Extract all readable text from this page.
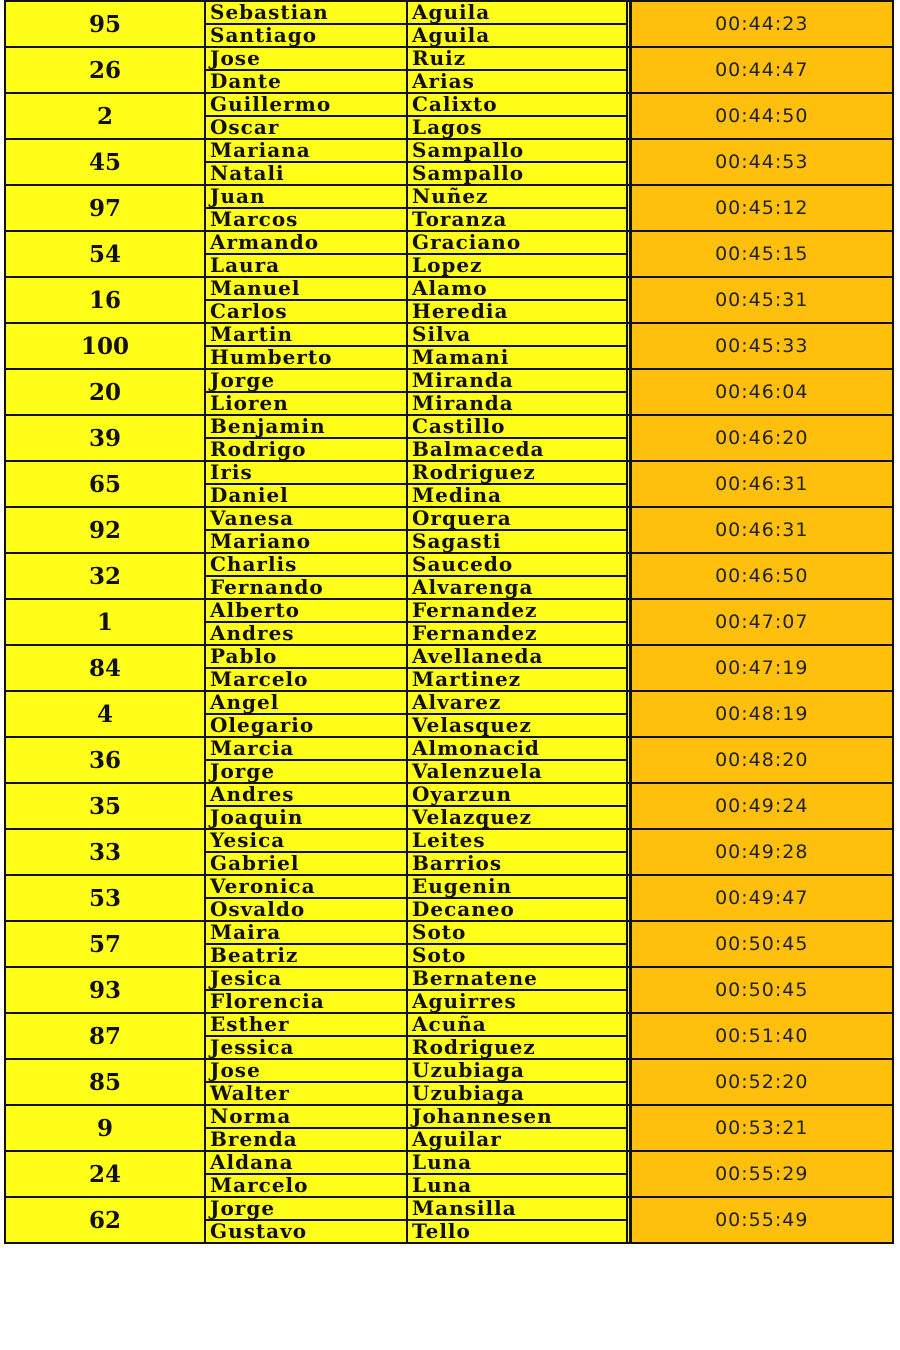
95	Sebastian	Aguila		00:44:23
	Santiago	Aguila		
26	Jose	Ruiz		00:44:47
	Dante	Arias		
2	Guillermo	Calixto		00:44:50
	Oscar	Lagos		
45	Mariana	Sampallo		00:44:53
	Natali	Sampallo		
97	Juan	Nuñez		00:45:12
	Marcos	Toranza		
54	Armando	Graciano		00:45:15
	Laura	Lopez		
16	Manuel	Alamo		00:45:31
	Carlos	Heredia		
100	Martin	Silva		00:45:33
	Humberto	Mamani		
20	Jorge	Miranda		00:46:04
	Lioren	Miranda		
39	Benjamin	Castillo		00:46:20
	Rodrigo	Balmaceda		
65	Iris	Rodriguez		00:46:31
	Daniel	Medina		
92	Vanesa	Orquera		00:46:31
	Mariano	Sagasti		
32	Charlis	Saucedo		00:46:50
	Fernando	Alvarenga		
1	Alberto	Fernandez		00:47:07
	Andres	Fernandez		
84	Pablo	Avellaneda		00:47:19
	Marcelo	Martinez		
4	Angel	Alvarez		00:48:19
	Olegario	Velasquez		
36	Marcia	Almonacid		00:48:20
	Jorge	Valenzuela		
35	Andres	Oyarzun		00:49:24
	Joaquin	Velazquez		
33	Yesica	Leites		00:49:28
	Gabriel	Barrios		
53	Veronica	Eugenin		00:49:47
	Osvaldo	Decaneo		
57	Maira	Soto		00:50:45
	Beatriz	Soto		
93	Jesica	Bernatene		00:50:45
	Florencia	Aguirres		
87	Esther	Acuña		00:51:40
	Jessica	Rodriguez		
85	Jose	Uzubiaga		00:52:20
	Walter	Uzubiaga		
9	Norma	Johannesen		00:53:21
	Brenda	Aguilar		
24	Aldana	Luna		00:55:29
	Marcelo	Luna		
62	Jorge	Mansilla		00:55:49
	Gustavo	Tello		
